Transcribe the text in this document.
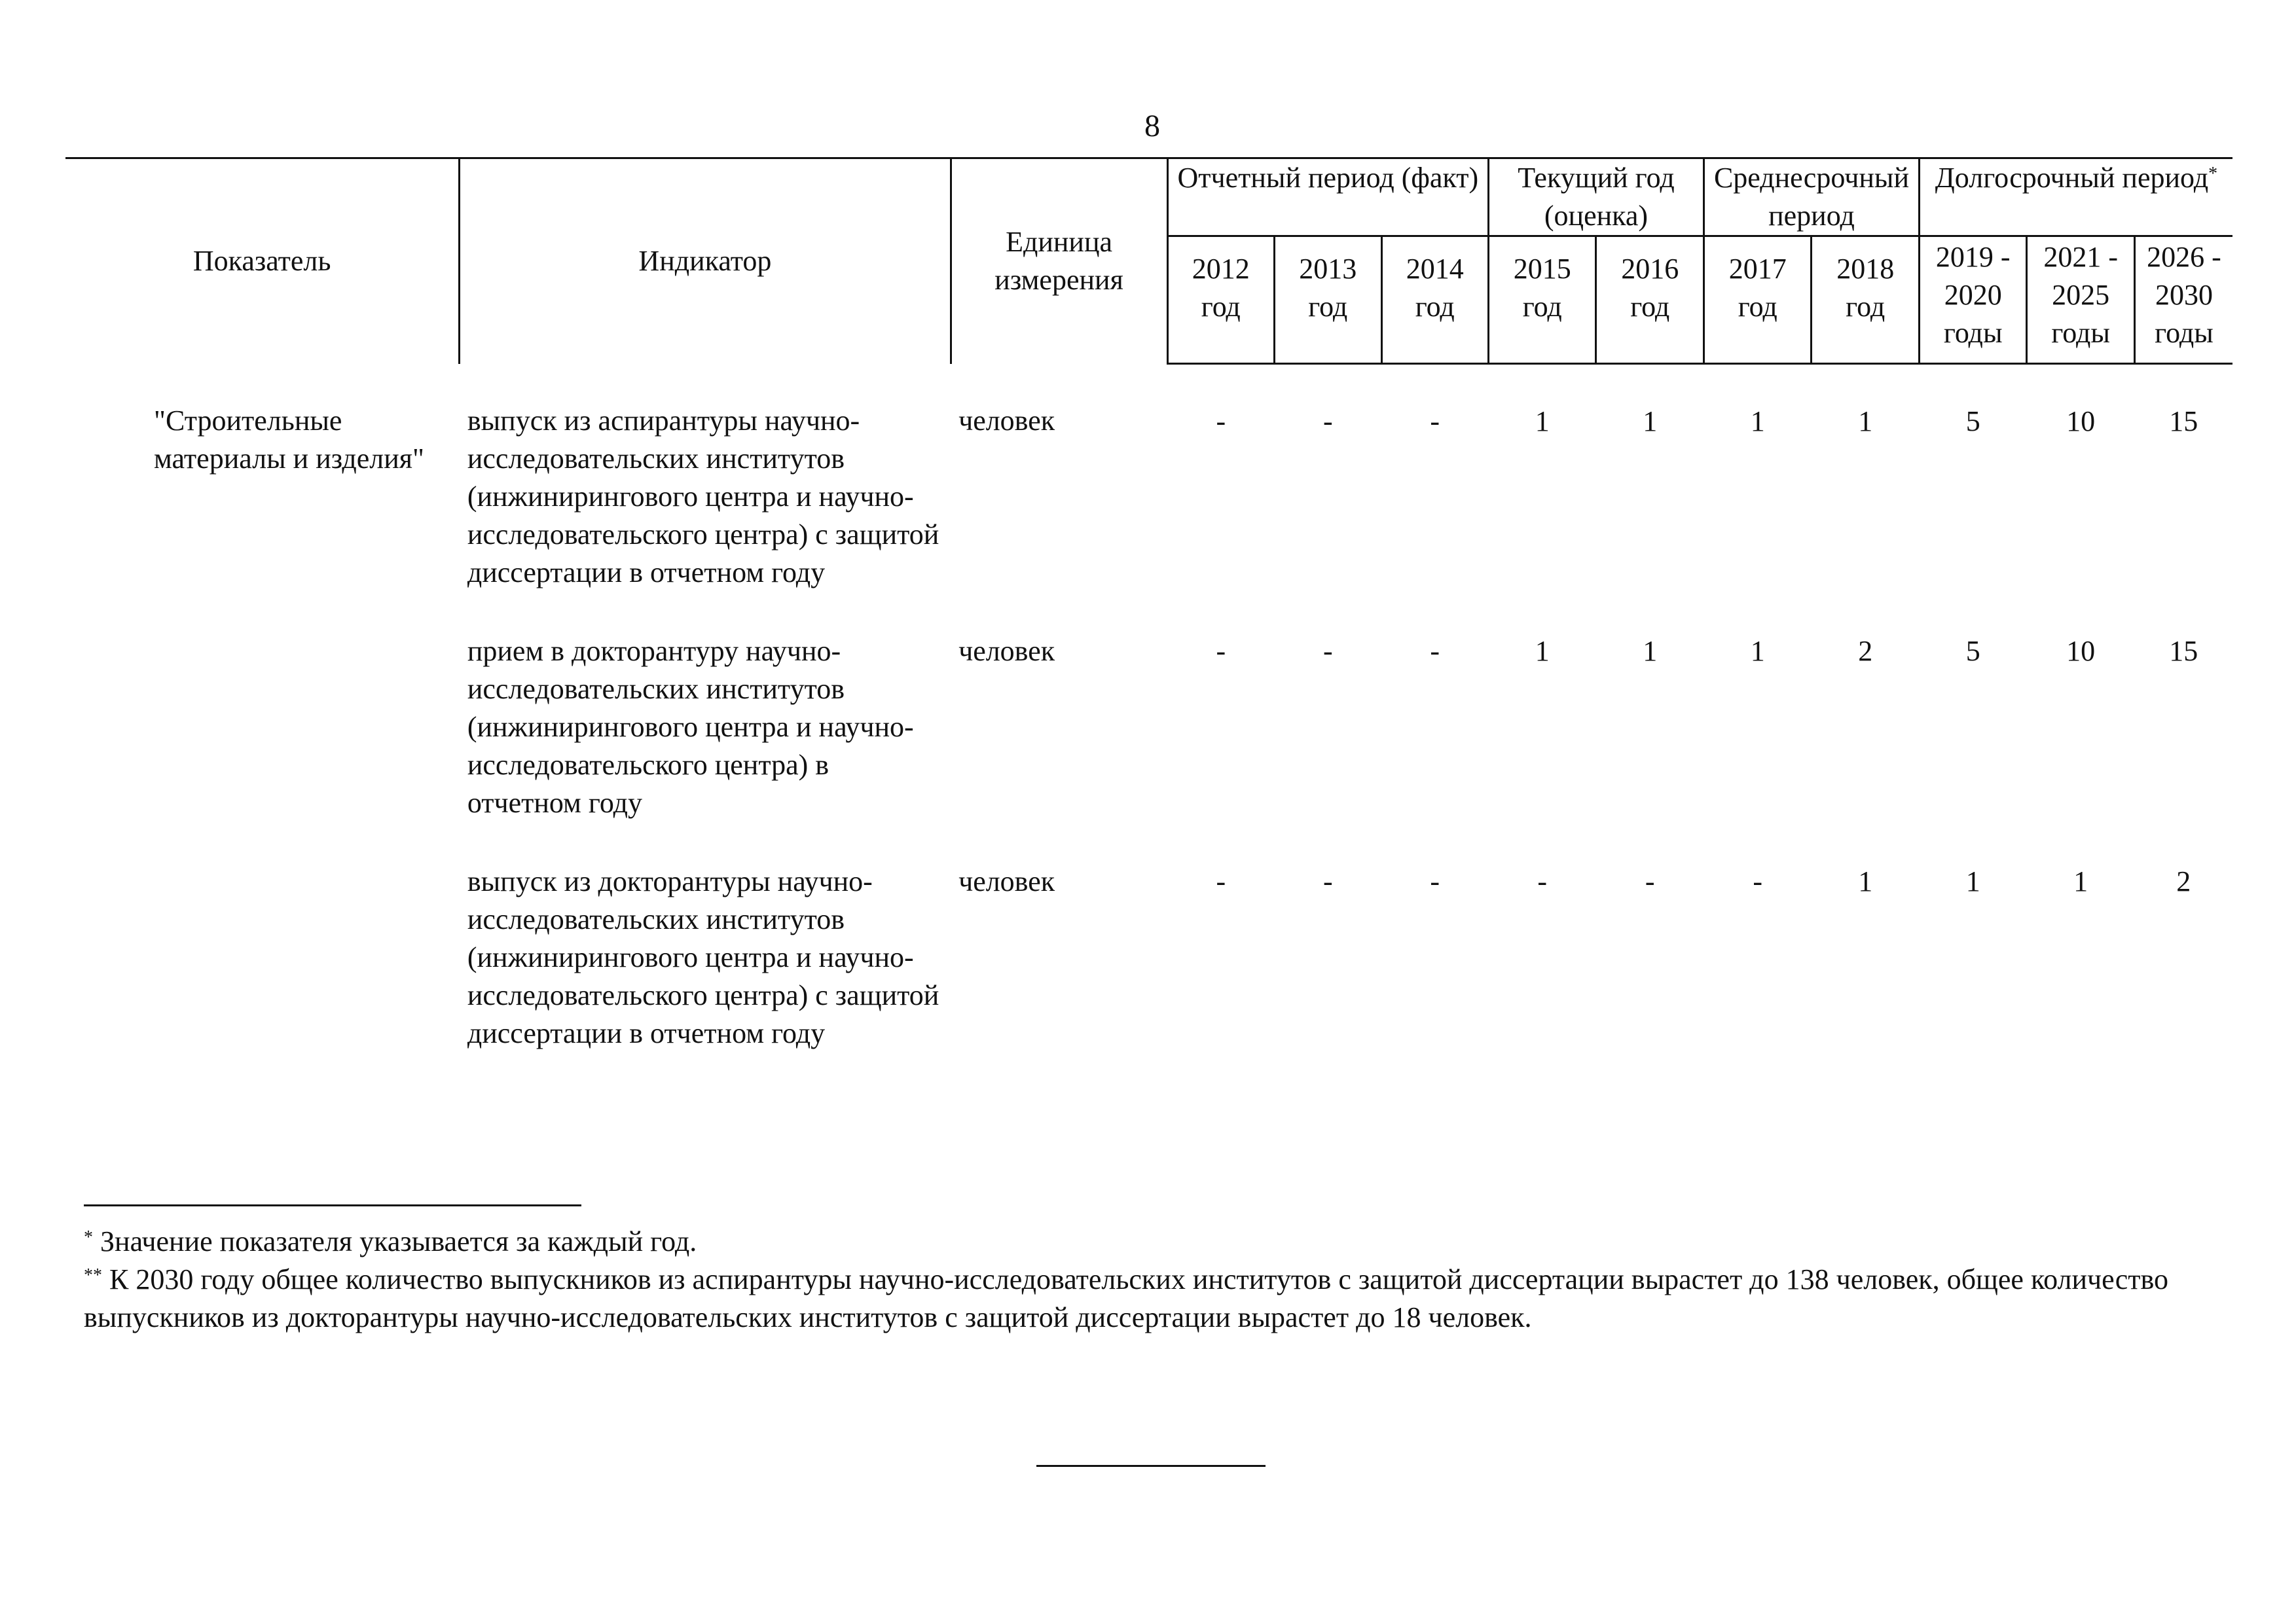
8
Показатель	Индикатор	Единица измерения	Отчетный период (факт)			Текущий год (оценка)		Среднесрочный период		Долгосрочный период*
			2012 год	2013 год	2014 год	2015 год	2016 год	2017 год	2018 год	2019 - 2020 годы	2021 - 2025 годы	2026 - 2030 годы
"Строительные материалы и изделия"	выпуск из аспирантуры научно-исследовательских институтов (инжинирингового центра и научно-исследовательского центра) с защитой диссертации в отчетном году	человек	-	-	-	1	1	1	1	5	10	15
	прием в докторантуру научно-исследовательских институтов (инжинирингового центра и научно-исследовательского центра) в отчетном году	человек	-	-	-	1	1	1	2	5	10	15
	выпуск из докторантуры научно-исследовательских институтов (инжинирингового центра и научно-исследовательского центра) с защитой диссертации в отчетном году	человек	-	-	-	-	-	-	1	1	1	2
* Значение показателя указывается за каждый год.
** К 2030 году общее количество выпускников из аспирантуры научно-исследовательских институтов с защитой диссертации вырастет до 138 человек, общее количество выпускников из докторантуры научно-исследовательских институтов с защитой диссертации вырастет до 18 человек.
